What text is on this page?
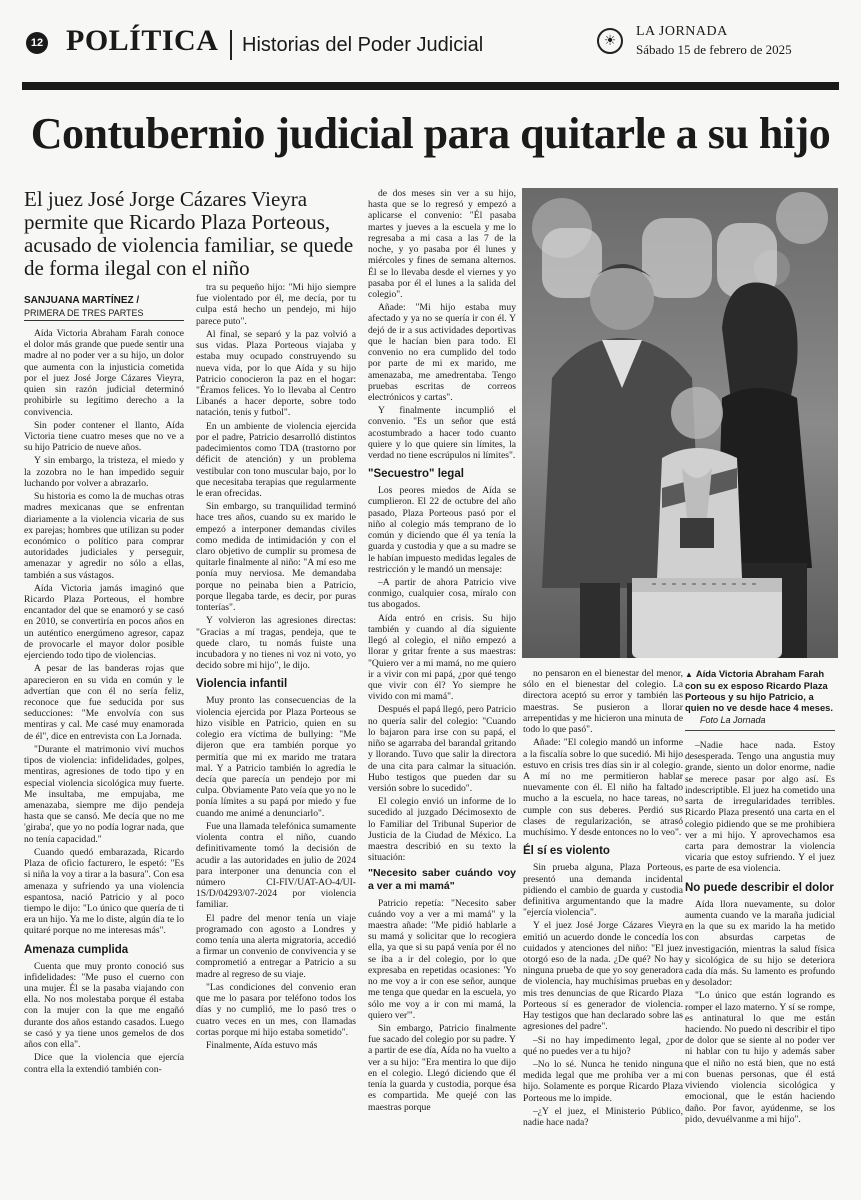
12 POLÍTICA Historias del Poder Judicial	☀
LA JORNADA
Sábado 15 de febrero de 2025
Contubernio judicial para quitarle a su hijo
El juez José Jorge Cázares Vieyra permite que Ricardo Plaza Porteous, acusado de violencia familiar, se quede de forma ilegal con el niño
SANJUANA MARTÍNEZ /
PRIMERA DE TRES PARTES

Aída Victoria Abraham Farah conoce el dolor más grande que puede sentir una madre al no poder ver a su hijo, un dolor que aumenta con la injusticia cometida por el juez José Jorge Cázares Vieyra, quien sin razón judicial determinó prohibirle su legítimo derecho a la convivencia.

Sin poder contener el llanto, Aída Victoria tiene cuatro meses que no ve a su hijo Patricio de nueve años.

Y sin embargo, la tristeza, el miedo y la zozobra no le han impedido seguir luchando por volver a abrazarlo.

Su historia es como la de muchas otras madres mexicanas que se enfrentan diariamente a la violencia vicaria de sus ex parejas; hombres que utilizan su poder económico o político para comprar autoridades judiciales y perseguir, amenazar y agredir no sólo a ellas, también a sus vástagos.

Aída Victoria jamás imaginó que Ricardo Plaza Porteous, el hombre encantador del que se enamoró y se casó en 2010, se convertiría en pocos años en un auténtico energúmeno agresor, capaz de provocarle el mayor dolor posible ejerciendo todo tipo de violencias.

A pesar de las banderas rojas que aparecieron en su vida en común y le advertían que con él no sería feliz, reconoce que fue seducida por sus seducciones: "Me envolvía con sus mentiras y cal. Me casé muy enamorada de él", dice en entrevista con La Jornada.

"Durante el matrimonio viví muchos tipos de violencia: infidelidades, golpes, mentiras, agresiones de todo tipo y en especial violencia sicológica muy fuerte. Me insultaba, me empujaba, me amenazaba, siempre me dijo pendeja hasta que se cansó. Me decía que no me 'giraba', que yo no podía lograr nada, que no tenía capacidad."

Cuando quedó embarazada, Ricardo Plaza de oficio facturero, le espetó: "Es si niña la voy a tirar a la basura". Con esa amenaza y sufriendo ya una violencia espantosa, nació Patricio y al poco tiempo le dijo: "Lo único que quería de ti era un hijo. Ya me lo diste, algún día te lo quitaré porque no me interesas más".

Amenaza cumplida

Cuenta que muy pronto conoció sus infidelidades: "Me puso el cuerno con una mujer. Él se la pasaba viajando con ella. No nos molestaba porque él estaba con la mujer con la que me engañó durante dos años estando casados. Luego se casó y ya tiene unos gemelos de dos años con ella".

Dice que la violencia que ejercía contra ella la extendió también con-

tra su pequeño hijo: "Mi hijo siempre fue violentado por él, me decía, por tu culpa está hecho un pendejo, mi hijo parece puto".

Al final, se separó y la paz volvió a sus vidas. Plaza Porteous viajaba y estaba muy ocupado construyendo su nueva vida, por lo que Aída y su hijo Patricio conocieron la paz en el hogar: "Éramos felices. Yo lo llevaba al Centro Libanés a hacer deporte, sobre todo natación, tenis y futbol".

En un ambiente de violencia ejercida por el padre, Patricio desarrolló distintos padecimientos como TDA (trastorno por déficit de atención) y un problema vestibular con tono muscular bajo, por lo que necesitaba terapias que regularmente le eran ofrecidas.

Sin embargo, su tranquilidad terminó hace tres años, cuando su ex marido le empezó a interponer demandas civiles como medida de intimidación y con el claro objetivo de cumplir su promesa de quitarle finalmente al niño: "A mí eso me ponía muy nerviosa. Me demandaba porque no peinaba bien a Patricio, porque llegaba tarde, es decir, por puras tonterías".

Y volvieron las agresiones directas: "Gracias a mí tragas, pendeja, que te quede claro, tu nomás fuiste una incubadora y no tienes ni voz ni voto, yo decido sobre mi hijo", le dijo.

Violencia infantil

Muy pronto las consecuencias de la violencia ejercida por Plaza Porteous se hizo visible en Patricio, quien en su colegio era víctima de bullying: "Me dijeron que era también porque yo permitía que mi ex marido me tratara mal. Y a Patricio también lo agredía le decía que parecía un pendejo por mi culpa. Obviamente Pato veía que yo no le ponía límites a su papá por miedo y fue cuando me animé a denunciarlo".

Fue una llamada telefónica sumamente violenta contra el niño, cuando definitivamente tomó la decisión de acudir a las autoridades en julio de 2024 para interponer una denuncia con el número CI-FIV/UAT-AO-4/UI-1S/D/04293/07-2024 por violencia familiar.

El padre del menor tenía un viaje programado con agosto a Londres y como tenía una alerta migratoria, accedió a firmar un convenio de convivencia y se comprometió a entregar a Patricio a su madre al regreso de su viaje.

"Las condiciones del convenio eran que me lo pasara por teléfono todos los días y no cumplió, me lo pasó tres o cuatro veces en un mes, con llamadas cortas porque mi hijo estaba sometido".

Finalmente, Aída estuvo más

de dos meses sin ver a su hijo, hasta que se lo regresó y empezó a aplicarse el convenio: "Él pasaba martes y jueves a la escuela y me lo regresaba a mi casa a las 7 de la noche, y yo pasaba por él lunes y miércoles y fines de semana alternos. Él se lo llevaba desde el viernes y yo pasaba por él el lunes a la salida del colegio".

Añade: "Mi hijo estaba muy afectado y ya no se quería ir con él. Y dejó de ir a sus actividades deportivas que le hacían bien para todo. El convenio no era cumplido del todo por parte de mi ex marido, me amenazaba, me amedrentaba. Tengo pruebas escritas de correos electrónicos y cartas".

Y finalmente incumplió el convenio. "Es un señor que está acostumbrado a hacer todo cuanto quiere y lo que quiere sin límites, la verdad no tiene escrúpulos ni límites".

"Secuestro" legal

Los peores miedos de Aída se cumplieron. El 22 de octubre del año pasado, Plaza Porteous pasó por el niño al colegio más temprano de lo común y diciendo que él ya tenía la guarda y custodia y que a su madre se le habían impuesto medidas legales de restricción y le mandó un mensaje:

–A partir de ahora Patricio vive conmigo, cualquier cosa, míralo con tus abogados.

Aída entró en crisis. Su hijo también y cuando al día siguiente llegó al colegio, el niño empezó a llorar y gritar frente a sus maestras: "Quiero ver a mi mamá, no me quiero ir a vivir con mi papá, ¿por qué tengo que vivir con él? Yo siempre he vivido con mi mamá".

Después el papá llegó, pero Patricio no quería salir del colegio: "Cuando lo bajaron para irse con su papá, el niño se agarraba del barandal gritando y llorando. Tuvo que salir la directora de una cita para calmar la situación. Hubo testigos que pueden dar su versión sobre lo sucedido".

El colegio envió un informe de lo sucedido al juzgado Décimosexto de lo Familiar del Tribunal Superior de Justicia de la Ciudad de México. La maestra describió en su texto la situación:

"Necesito saber cuándo voy a ver a mi mamá"

Patricio repetía: "Necesito saber cuándo voy a ver a mi mamá" y la maestra añade: "Me pidió hablarle a su mamá y solicitar que lo recogiera ella, ya que si su papá venía por él no se iba a ir del colegio, por lo que expresaba en repetidas ocasiones: 'Yo no me voy a ir con ese señor, aunque me tenga que quedar en la escuela, yo sólo me voy a ir con mi mamá, la quiero ver'".

Sin embargo, Patricio finalmente fue sacado del colegio por su padre. Y a partir de ese día, Aída no ha vuelto a ver a su hijo: "Era mentira lo que dijo en el colegio. Llegó diciendo que él tenía la guarda y custodia, porque ésa es compartida. Me quejé con las maestras porque

no pensaron en el bienestar del menor, sólo en el bienestar del colegio. La directora aceptó su error y también las maestras. Se pusieron a llorar arrepentidas y me hicieron una minuta de todo lo que pasó".

Añade: "El colegio mandó un informe a la fiscalía sobre lo que sucedió. Mi hijo estuvo en crisis tres días sin ir al colegio. A mí no me permitieron hablar nuevamente con él. El niño ha faltado mucho a la escuela, no hace tareas, no cumple con sus deberes. Perdió sus clases de regularización, se atrasó muchísimo. Y desde entonces no lo veo".

Él sí es violento

Sin prueba alguna, Plaza Porteous, presentó una demanda incidental pidiendo el cambio de guarda y custodia definitiva argumentando que la madre "ejercía violencia".

Y el juez José Jorge Cázares Vieyra emitió un acuerdo donde le concedía los cuidados y atenciones del niño: "El juez otorgó eso de la nada. ¿De qué? No hay ninguna prueba de que yo soy generadora de violencia, hay muchísimas pruebas en mis tres denuncias de que Ricardo Plaza Porteous sí es generador de violencia. Hay testigos que han declarado sobre las agresiones del padre".

–Si no hay impedimento legal, ¿por qué no puedes ver a tu hijo?

–No lo sé. Nunca he tenido ninguna medida legal que me prohíba ver a mi hijo. Solamente es porque Ricardo Plaza Porteous me lo impide.

–¿Y el juez, el Ministerio Público, nadie hace nada?

–Nadie hace nada. Estoy desesperada. Tengo una angustia muy grande, siento un dolor enorme, nadie se merece pasar por algo así. Es indescriptible. El juez ha cometido una sarta de irregularidades terribles. Ricardo Plaza presentó una carta en el colegio pidiendo que se me prohibiera ver a mi hijo. Y aprovechamos esa carta para demostrar la violencia vicaria que estoy sufriendo. Y el juez es parte de esa violencia.

No puede describir el dolor

Aída llora nuevamente, su dolor aumenta cuando ve la maraña judicial en la que su ex marido la ha metido con absurdas carpetas de investigación, mientras la salud física y sicológica de su hijo se deteriora cada día más. Su lamento es profundo y desolador:

"Lo único que están logrando es romper el lazo materno. Y sí se rompe, es antinatural lo que me están haciendo. No puedo ni describir el tipo de dolor que se siente al no poder ver ni hablar con tu hijo y además saber que el niño no está bien, que no está con buenas personas, que él está viviendo violencia sicológica y emocional, que le están haciendo daño. Por favor, ayúdenme, se los pido, devuélvanme a mi hijo".

▲ Aída Victoria Abraham Farah con su ex esposo Ricardo Plaza Porteous y su hijo Patricio, a quien no ve desde hace 4 meses.
Foto La Jornada
